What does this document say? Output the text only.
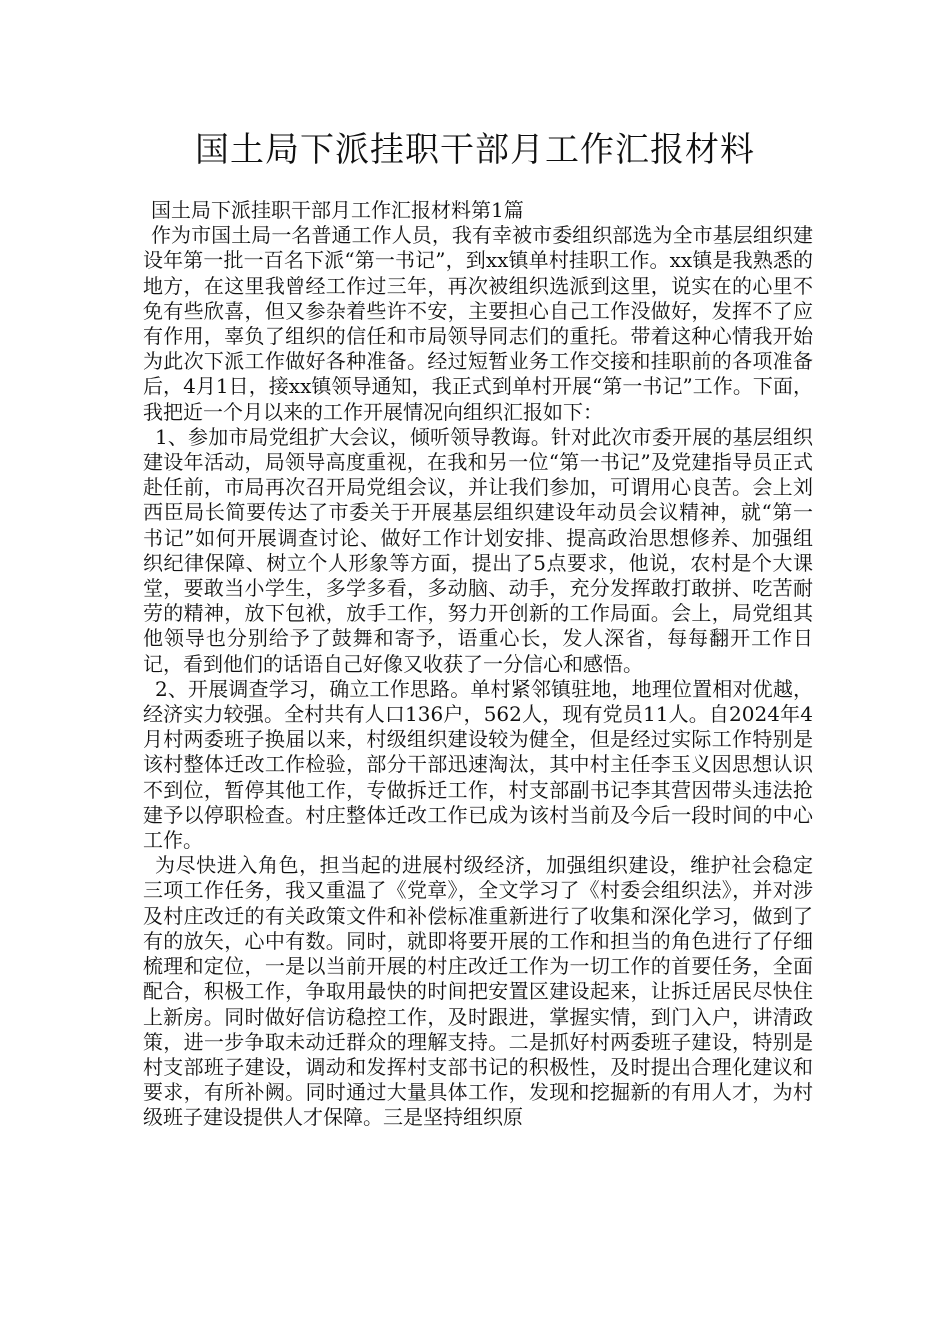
国土局下派挂职干部月工作汇报材料

国土局下派挂职干部月工作汇报材料第1篇

作为市国土局一名普通工作人员，我有幸被市委组织部选为全市基层组织建设年第一批一百名下派“第一书记”，到xx镇单村挂职工作。xx镇是我熟悉的地方，在这里我曾经工作过三年，再次被组织选派到这里，说实在的心里不免有些欣喜，但又参杂着些许不安，主要担心自己工作没做好，发挥不了应有作用，辜负了组织的信任和市局领导同志们的重托。带着这种心情我开始为此次下派工作做好各种准备。经过短暂业务工作交接和挂职前的各项准备后，4月1日，接xx镇领导通知，我正式到单村开展“第一书记”工作。下面，我把近一个月以来的工作开展情况向组织汇报如下：

1、参加市局党组扩大会议，倾听领导教诲。针对此次市委开展的基层组织建设年活动，局领导高度重视，在我和另一位“第一书记”及党建指导员正式赴任前，市局再次召开局党组会议，并让我们参加，可谓用心良苦。会上刘西臣局长简要传达了市委关于开展基层组织建设年动员会议精神，就“第一书记”如何开展调查讨论、做好工作计划安排、提高政治思想修养、加强组织纪律保障、树立个人形象等方面，提出了5点要求，他说，农村是个大课堂，要敢当小学生，多学多看，多动脑、动手，充分发挥敢打敢拼、吃苦耐劳的精神，放下包袱，放手工作，努力开创新的工作局面。会上，局党组其他领导也分别给予了鼓舞和寄予，语重心长，发人深省，每每翻开工作日记，看到他们的话语自己好像又收获了一分信心和感悟。

2、开展调查学习，确立工作思路。单村紧邻镇驻地，地理位置相对优越，经济实力较强。全村共有人口136户，562人，现有党员11人。自2024年4月村两委班子换届以来，村级组织建设较为健全，但是经过实际工作特别是该村整体迁改工作检验，部分干部迅速淘汰，其中村主任李玉义因思想认识不到位，暂停其他工作，专做拆迁工作，村支部副书记李其营因带头违法抢建予以停职检查。村庄整体迁改工作已成为该村当前及今后一段时间的中心工作。

为尽快进入角色，担当起的进展村级经济，加强组织建设，维护社会稳定三项工作任务，我又重温了《党章》，全文学习了《村委会组织法》，并对涉及村庄改迁的有关政策文件和补偿标准重新进行了收集和深化学习，做到了有的放矢，心中有数。同时，就即将要开展的工作和担当的角色进行了仔细梳理和定位，一是以当前开展的村庄改迁工作为一切工作的首要任务，全面配合，积极工作，争取用最快的时间把安置区建设起来，让拆迁居民尽快住上新房。同时做好信访稳控工作，及时跟进，掌握实情，到门入户，讲清政策，进一步争取未动迁群众的理解支持。二是抓好村两委班子建设，特别是村支部班子建设，调动和发挥村支部书记的积极性，及时提出合理化建议和要求，有所补阙。同时通过大量具体工作，发现和挖掘新的有用人才，为村级班子建设提供人才保障。三是坚持组织原
